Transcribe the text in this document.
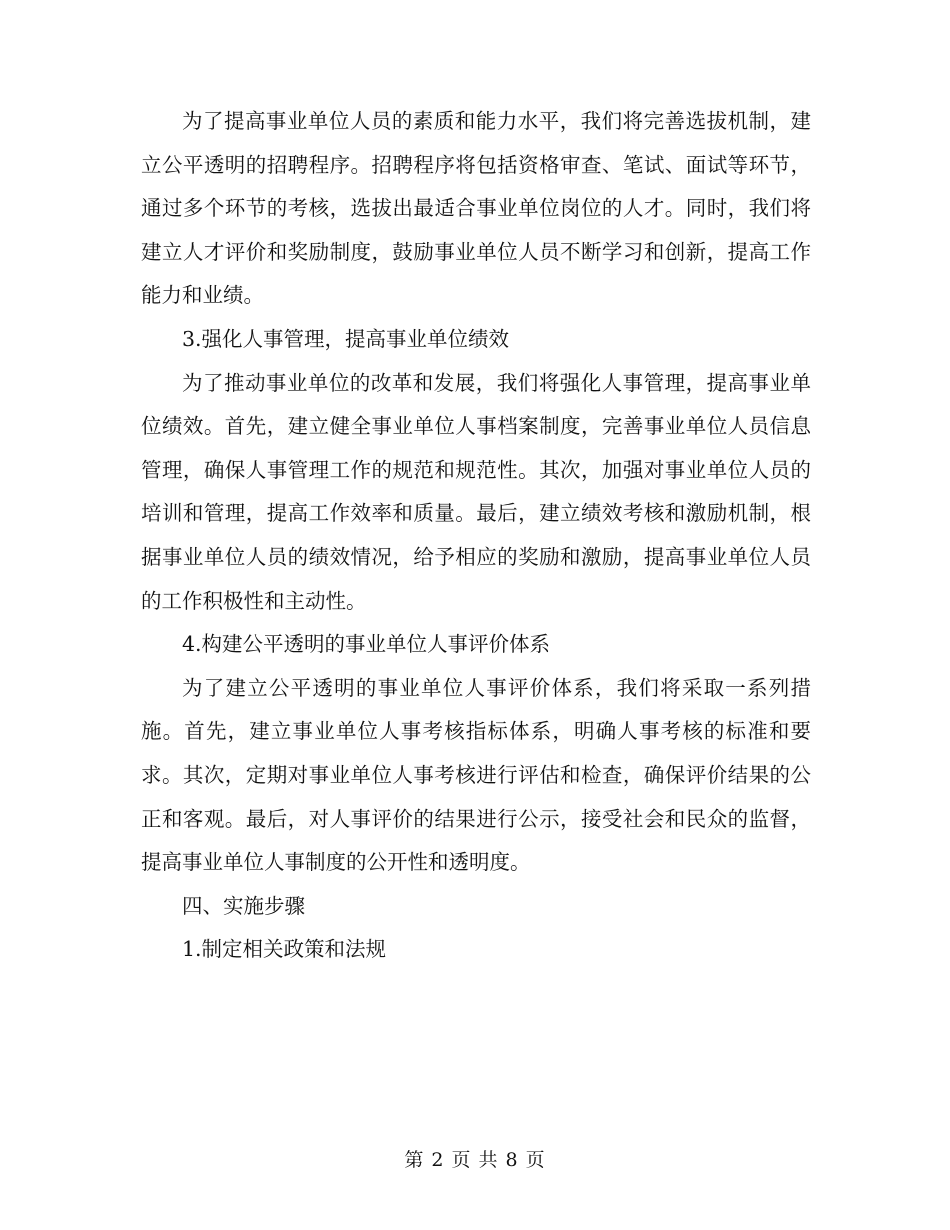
为了提高事业单位人员的素质和能力水平，我们将完善选拔机制，建立公平透明的招聘程序。招聘程序将包括资格审查、笔试、面试等环节，通过多个环节的考核，选拔出最适合事业单位岗位的人才。同时，我们将建立人才评价和奖励制度，鼓励事业单位人员不断学习和创新，提高工作能力和业绩。

3.强化人事管理，提高事业单位绩效

为了推动事业单位的改革和发展，我们将强化人事管理，提高事业单位绩效。首先，建立健全事业单位人事档案制度，完善事业单位人员信息管理，确保人事管理工作的规范和规范性。其次，加强对事业单位人员的培训和管理，提高工作效率和质量。最后，建立绩效考核和激励机制，根据事业单位人员的绩效情况，给予相应的奖励和激励，提高事业单位人员的工作积极性和主动性。

4.构建公平透明的事业单位人事评价体系

为了建立公平透明的事业单位人事评价体系，我们将采取一系列措施。首先，建立事业单位人事考核指标体系，明确人事考核的标准和要求。其次，定期对事业单位人事考核进行评估和检查，确保评价结果的公正和客观。最后，对人事评价的结果进行公示，接受社会和民众的监督，提高事业单位人事制度的公开性和透明度。

四、实施步骤

1.制定相关政策和法规

第 2 页 共 8 页
